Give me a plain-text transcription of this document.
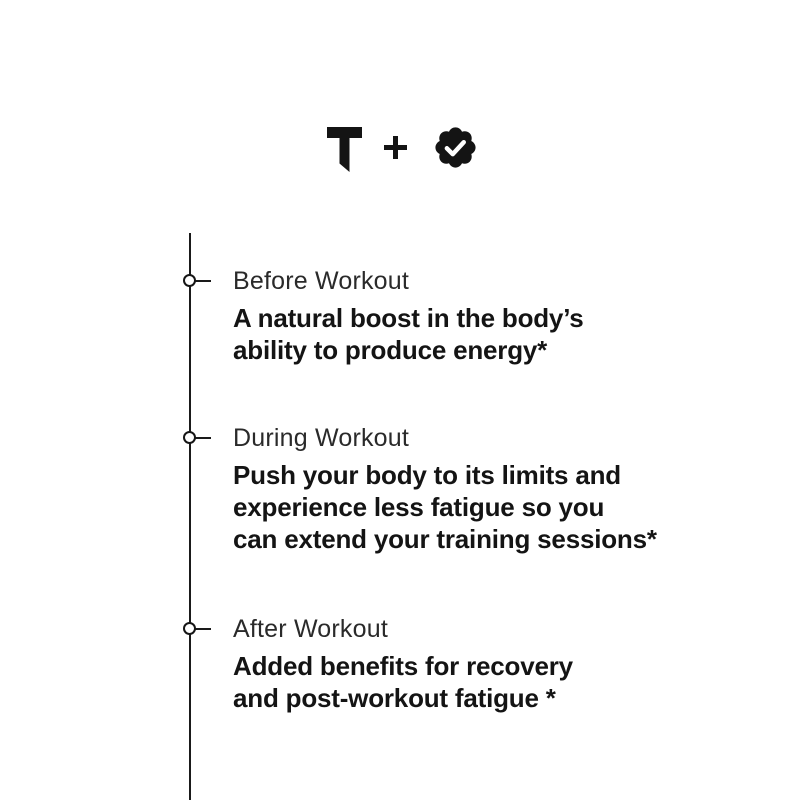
Before Workout
A natural boost in the body’s
ability to produce energy*
During Workout
Push your body to its limits and
experience less fatigue so you
can extend your training sessions*
After Workout
Added benefits for recovery
and post-workout fatigue *
